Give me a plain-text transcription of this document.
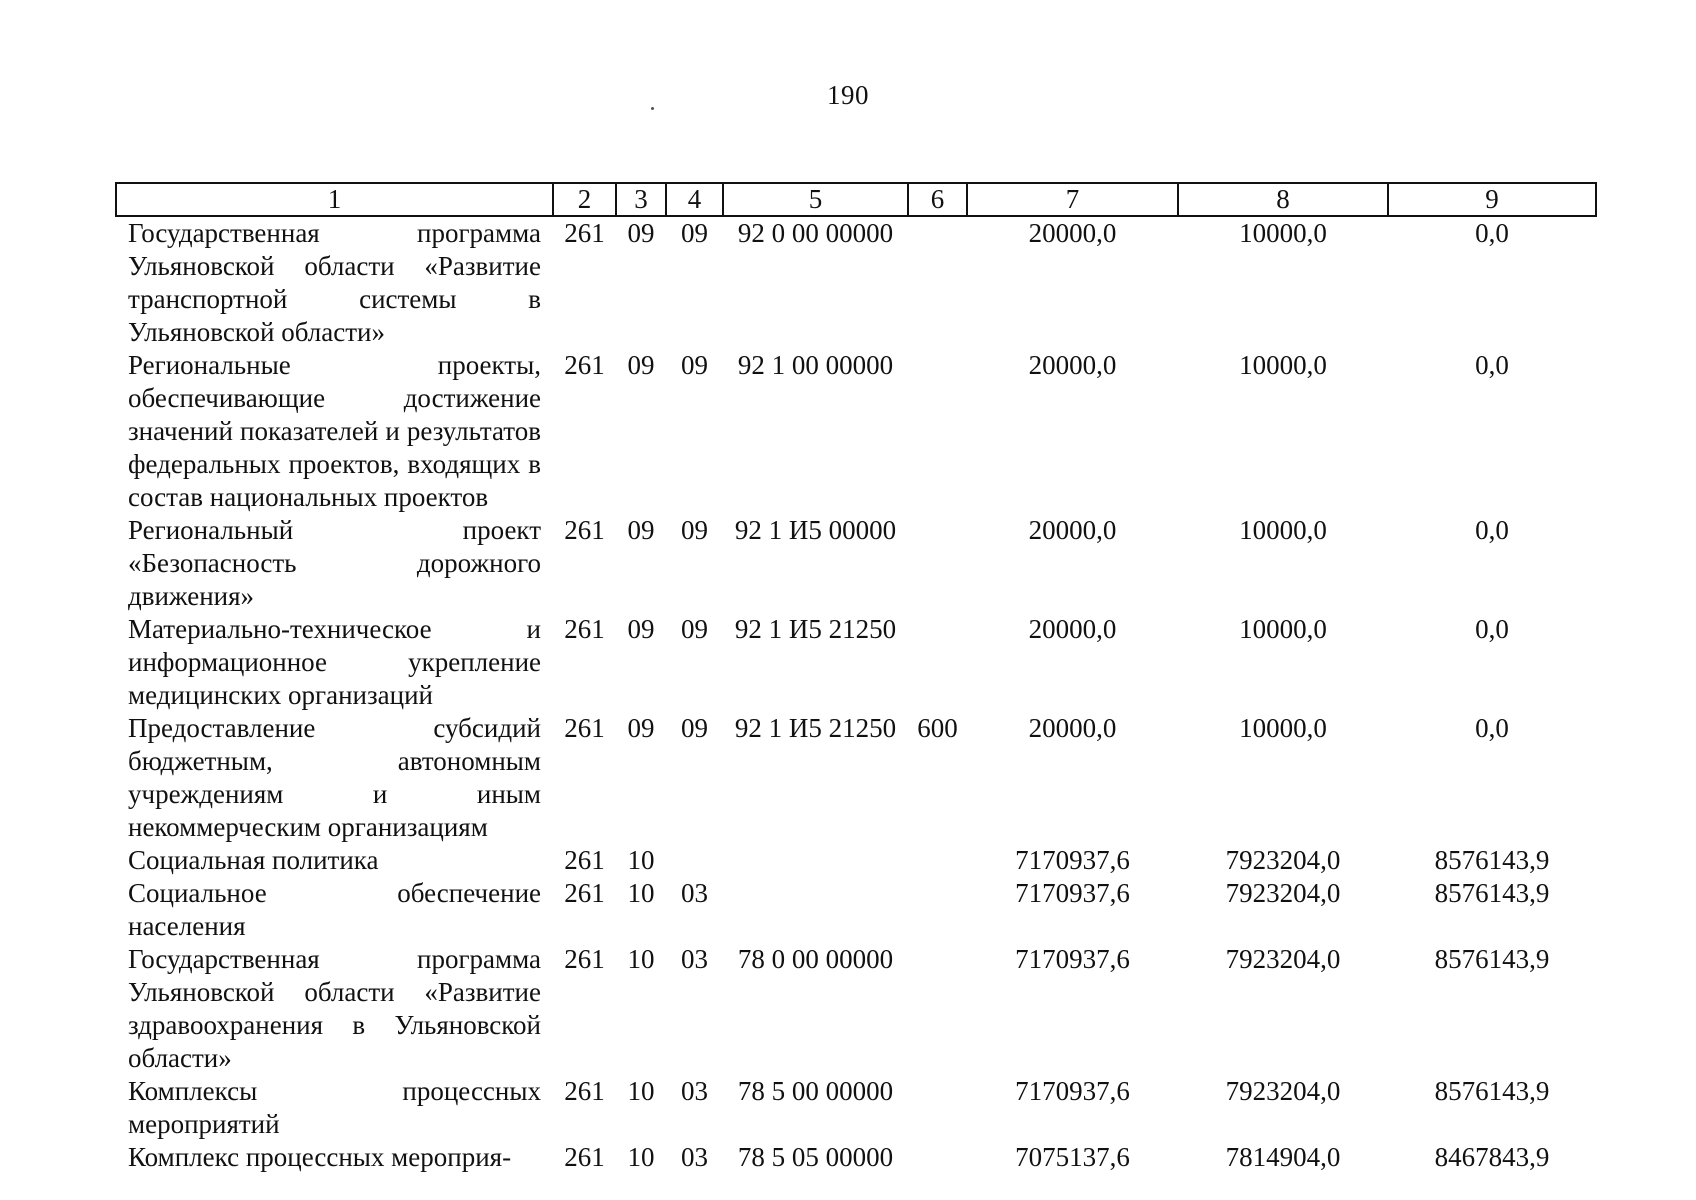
190
1	2	3	4	5	6	7	8	9
Государственная программа Ульяновской области «Развитие транспортной системы в Ульяновской области»	261	09	09	92 0 00 00000		20000,0	10000,0	0,0
Региональные проекты, обеспечивающие достижение значений показателей и результатов федеральных проектов, входящих в состав национальных проектов	261	09	09	92 1 00 00000		20000,0	10000,0	0,0
Региональный проект «Безопасность дорожного движения»	261	09	09	92 1 И5 00000		20000,0	10000,0	0,0
Материально-техническое и информационное укрепление медицинских организаций	261	09	09	92 1 И5 21250		20000,0	10000,0	0,0
Предоставление субсидий бюджетным, автономным учреждениям и иным некоммерческим организациям	261	09	09	92 1 И5 21250	600	20000,0	10000,0	0,0
Социальная политика	261	10				7170937,6	7923204,0	8576143,9
Социальное обеспечение населения	261	10	03			7170937,6	7923204,0	8576143,9
Государственная программа Ульяновской области «Развитие здравоохранения в Ульяновской области»	261	10	03	78 0 00 00000		7170937,6	7923204,0	8576143,9
Комплексы процессных мероприятий	261	10	03	78 5 00 00000		7170937,6	7923204,0	8576143,9
Комплекс процессных мероприя-	261	10	03	78 5 05 00000		7075137,6	7814904,0	8467843,9
